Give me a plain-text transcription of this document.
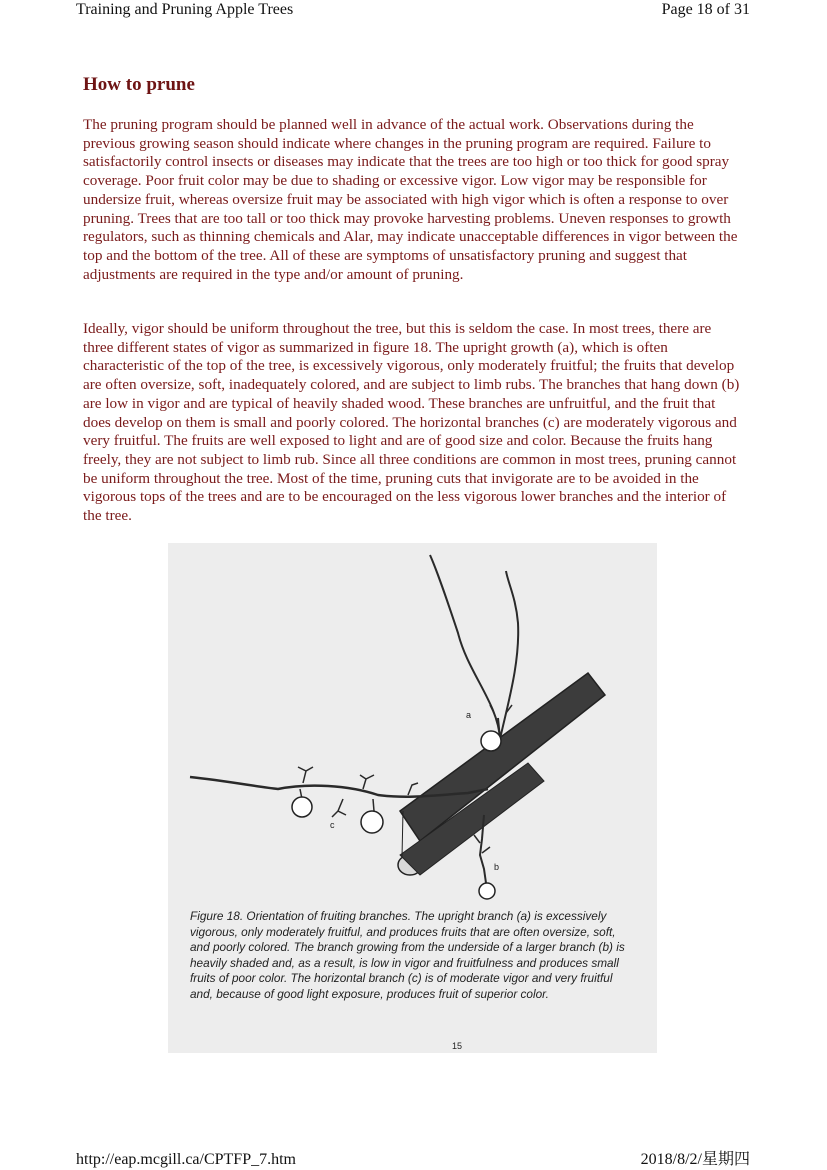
Training and Pruning Apple Trees	Page 18 of 31
How to prune

The pruning program should be planned well in advance of the actual work. Observations during the previous growing season should indicate where changes in the pruning program are required. Failure to satisfactorily control insects or diseases may indicate that the trees are too high or too thick for good spray coverage. Poor fruit color may be due to shading or excessive vigor. Low vigor may be responsible for undersize fruit, whereas oversize fruit may be associated with high vigor which is often a response to over pruning. Trees that are too tall or too thick may provoke harvesting problems. Uneven responses to growth regulators, such as thinning chemicals and Alar, may indicate unacceptable differences in vigor between the top and the bottom of the tree. All of these are symptoms of unsatisfactory pruning and suggest that adjustments are required in the type and/or amount of pruning.

Ideally, vigor should be uniform throughout the tree, but this is seldom the case. In most trees, there are three different states of vigor as summarized in figure 18. The upright growth (a), which is often characteristic of the top of the tree, is excessively vigorous, only moderately fruitful; the fruits that develop are often oversize, soft, inadequately colored, and are subject to limb rubs. The branches that hang down (b) are low in vigor and are typical of heavily shaded wood. These branches are unfruitful, and the fruit that does develop on them is small and poorly colored. The horizontal branches (c) are moderately vigorous and very fruitful. The fruits are well exposed to light and are of good size and color. Because the fruits hang freely, they are not subject to limb rub. Since all three conditions are common in most trees, pruning cannot be uniform throughout the tree. Most of the time, pruning cuts that invigorate are to be avoided in the vigorous tops of the trees and are to be encouraged on the less vigorous lower branches and the interior of the tree.

a
c
b
15

Figure 18. Orientation of fruiting branches. The upright branch (a) is excessively vigorous, only moderately fruitful, and produces fruits that are often oversize, soft, and poorly colored. The branch growing from the underside of a larger branch (b) is heavily shaded and, as a result, is low in vigor and fruitfulness and produces small fruits of poor color. The horizontal branch (c) is of moderate vigor and very fruitful and, because of good light exposure, produces fruit of superior color.

http://eap.mcgill.ca/CPTFP_7.htm	2018/8/2/星期四
